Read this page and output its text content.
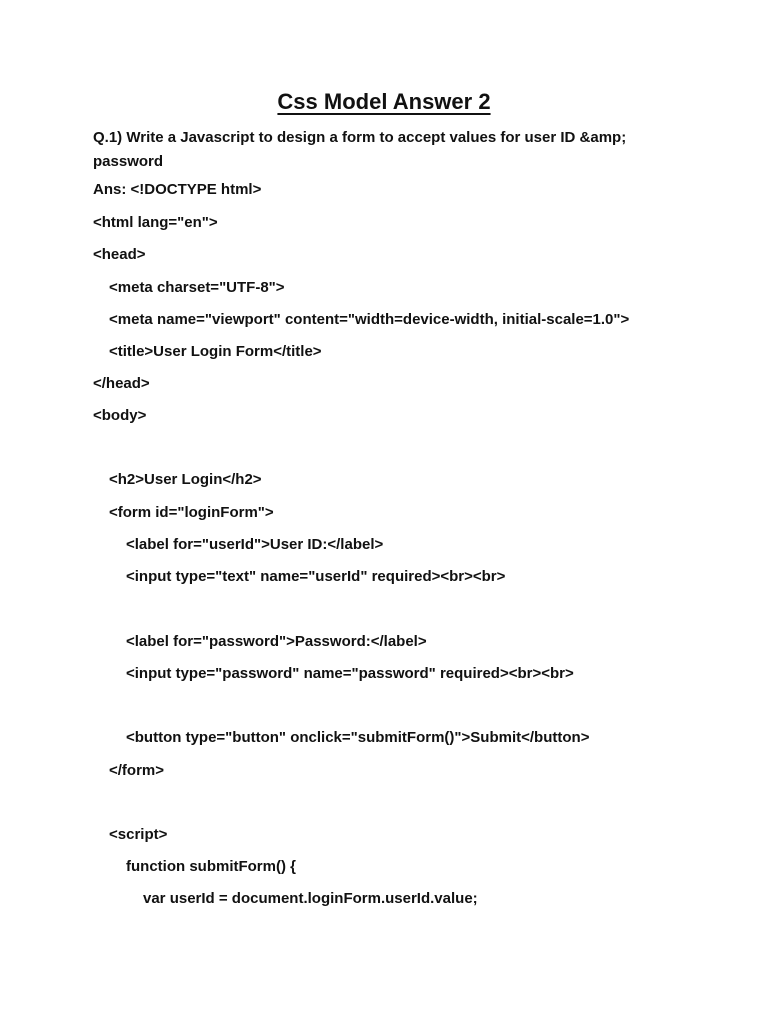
Css Model Answer 2
Q.1) Write a Javascript to design a form to accept values for user ID &amp; password
Ans: <!DOCTYPE html>
<html lang="en">
<head>
<meta charset="UTF-8">
<meta name="viewport" content="width=device-width, initial-scale=1.0">
<title>User Login Form</title>
</head>
<body>
<h2>User Login</h2>
<form id="loginForm">
<label for="userId">User ID:</label>
<input type="text" name="userId" required><br><br>
<label for="password">Password:</label>
<input type="password" name="password" required><br><br>
<button type="button" onclick="submitForm()">Submit</button>
</form>
<script>
function submitForm() {
var userId = document.loginForm.userId.value;
